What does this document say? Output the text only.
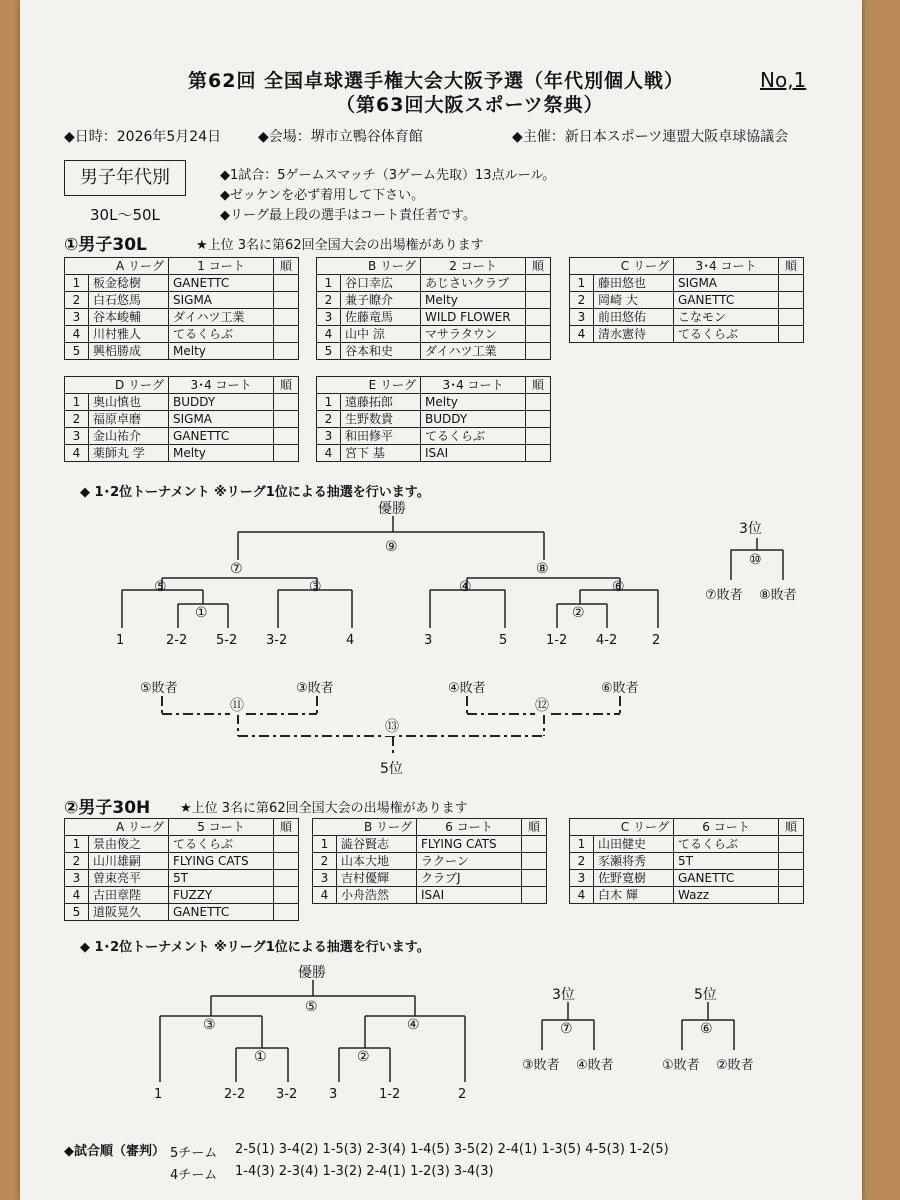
第62回 全国卓球選手権大会大阪予選（年代別個人戦）
（第63回大阪スポーツ祭典）
No,1
◆日時：2026年5月24日	◆会場：堺市立鴨谷体育館	◆主催：新日本スポーツ連盟大阪卓球協議会
男子年代別
30L～50L
◆1試合：5ゲームスマッチ（3ゲーム先取）13点ルール。
◆ゼッケンを必ず着用して下さい。
◆リーグ最上段の選手はコート責任者です。
①男子30L	★上位 3名に第62回全国大会の出場権があります
A リーグ		1 コート	順
1	板金稔樹	GANETTC	
2	白石悠馬	SIGMA	
3	谷本峻輔	ダイハツ工業	
4	川村雅人	てるくらぶ	
5	興梠勝成	Melty	
B リーグ		2 コート	順
1	谷口幸広	あじさいクラブ	
2	兼子瞭介	Melty	
3	佐藤竜馬	WILD FLOWER	
4	山中 涼	マサラタウン	
5	谷本和史	ダイハツ工業	
C リーグ		3･4 コート	順
1	藤田悠也	SIGMA	
2	岡崎 大	GANETTC	
3	前田悠佑	こなモン	
4	清水憲待	てるくらぶ	
D リーグ		3･4 コート	順
1	奥山慎也	BUDDY	
2	福原卓磨	SIGMA	
3	金山祐介	GANETTC	
4	薬師丸 学	Melty	
E リーグ		3･4 コート	順
1	遠藤拓郎	Melty	
2	生野数貴	BUDDY	
3	和田修平	てるくらぶ	
4	宮下 基	ISAI	
◆ 1･2位トーナメント ※リーグ1位による抽選を行います。
優勝
⑨
⑦	⑧
⑤	③	④	⑥
①	②
1	2-2 5-2 3-2	4	3	5	1-2 4-2	2
3位
⑩
⑦敗者 ⑧敗者
⑤敗者	③敗者	④敗者	⑥敗者
⑪	⑫
⑬
5位
②男子30H ★上位 3名に第62回全国大会の出場権があります
A リーグ		5 コート	順
1	景由俊之	てるくらぶ	
2	山川雄嗣	FLYING CATS	
3	曽束亮平	5T	
4	古田章陛	FUZZY	
5	道阪晃久	GANETTC	
B リーグ		6 コート	順
1	澁谷賢志	FLYING CATS	
2	山本大地	ラクーン	
3	吉村優輝	クラブJ	
4	小舟浩然	ISAI	
C リーグ		6 コート	順
1	山田健史	てるくらぶ	
2	豕瀬将秀	5T	
3	佐野寛樹	GANETTC	
4	白木 輝	Wazz	
◆ 1･2位トーナメント ※リーグ1位による抽選を行います。
優勝
⑤
③	④
①	②
1	2-2 3-2 3	1-2	2
3位
⑦
③敗者 ④敗者
5位
⑥
①敗者 ②敗者
◆試合順（審判） 5チーム 2-5(1) 3-4(2) 1-5(3) 2-3(4) 1-4(5) 3-5(2) 2-4(1) 1-3(5) 4-5(3) 1-2(5)
4チーム 1-4(3) 2-3(4) 1-3(2) 2-4(1) 1-2(3) 3-4(3)
